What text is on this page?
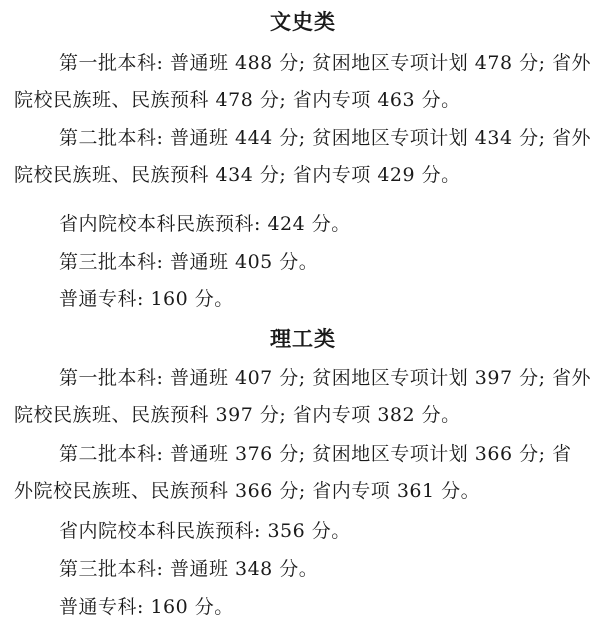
文史类
第一批本科: 普通班 488 分; 贫困地区专项计划 478 分; 省外
院校民族班、民族预科 478 分; 省内专项 463 分。
第二批本科: 普通班 444 分; 贫困地区专项计划 434 分; 省外
院校民族班、民族预科 434 分; 省内专项 429 分。
省内院校本科民族预科: 424 分。
第三批本科: 普通班 405 分。
普通专科: 160 分。
理工类
第一批本科: 普通班 407 分; 贫困地区专项计划 397 分; 省外
院校民族班、民族预科 397 分; 省内专项 382 分。
第二批本科: 普通班 376 分; 贫困地区专项计划 366 分; 省
外院校民族班、民族预科 366 分; 省内专项 361 分。
省内院校本科民族预科: 356 分。
第三批本科: 普通班 348 分。
普通专科: 160 分。
